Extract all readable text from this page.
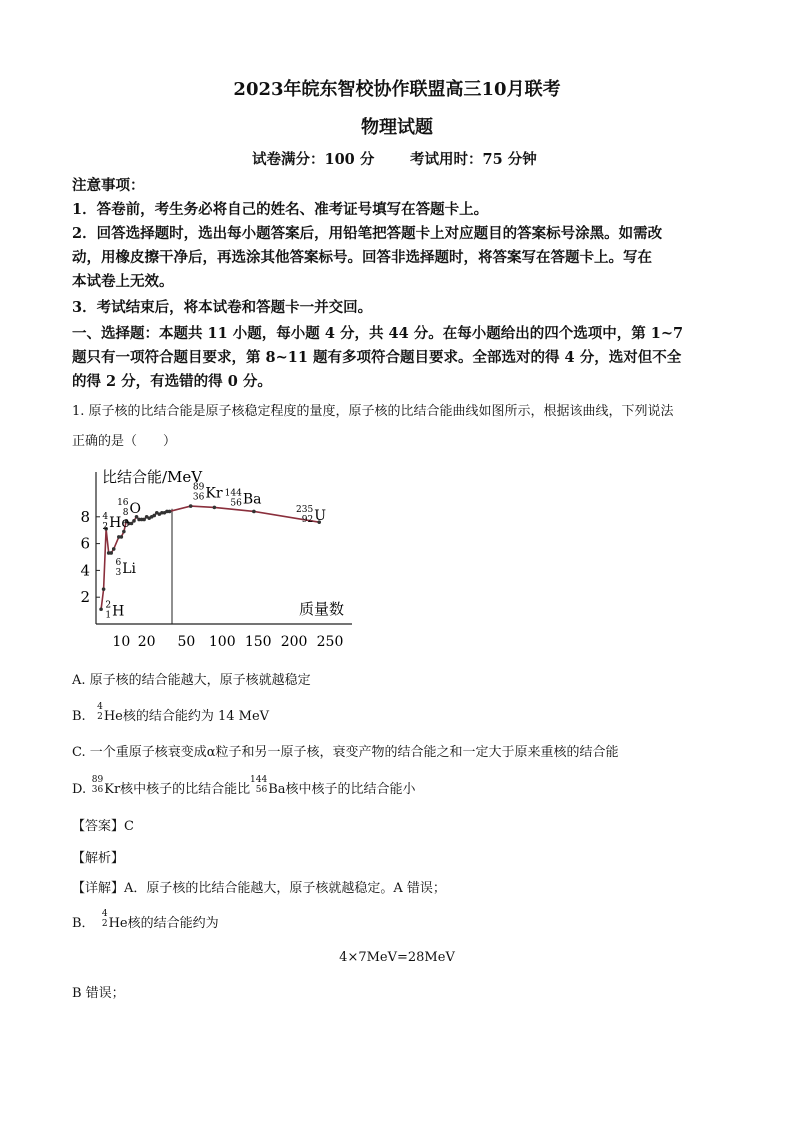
2023年皖东智校协作联盟高三10月联考
物理试题
试卷满分：100 分 考试用时：75 分钟
注意事项：
1．答卷前，考生务必将自己的姓名、准考证号填写在答题卡上。
2．回答选择题时，选出每小题答案后，用铅笔把答题卡上对应题目的答案标号涂黑。如需改
动，用橡皮擦干净后，再选涂其他答案标号。回答非选择题时，将答案写在答题卡上。写在
本试卷上无效。
3．考试结束后，将本试卷和答题卡一并交回。
一、选择题：本题共 11 小题，每小题 4 分，共 44 分。在每小题给出的四个选项中，第 1~7
题只有一项符合题目要求，第 8~11 题有多项符合题目要求。全部选对的得 4 分，选对但不全
的得 2 分，有选错的得 0 分。
1. 原子核的比结合能是原子核稳定程度的量度，原子核的比结合能曲线如图所示，根据该曲线，下列说法
正确的是（　　）
2
4
6
8
10 20 50 100 150 200 250
比结合能/MeV
质量数
2
1 H
6
3 Li
4
2 He
16
8 O
89
36 Kr 144
56 Ba
235
92 U
A. 原子核的结合能越大，原子核就越稳定
B.
4
2 He核的结合能约为 14 MeV
C. 一个重原子核衰变成α粒子和另一原子核，衰变产物的结合能之和一定大于原来重核的结合能
D.
89
36 Kr核中核子的比结合能比
144
56 Ba核中核子的比结合能小
【答案】C
【解析】
【详解】A．原子核的比结合能越大，原子核就越稳定。A 错误；
B．
4
2 He核的结合能约为
4×7MeV=28MeV
B 错误；
